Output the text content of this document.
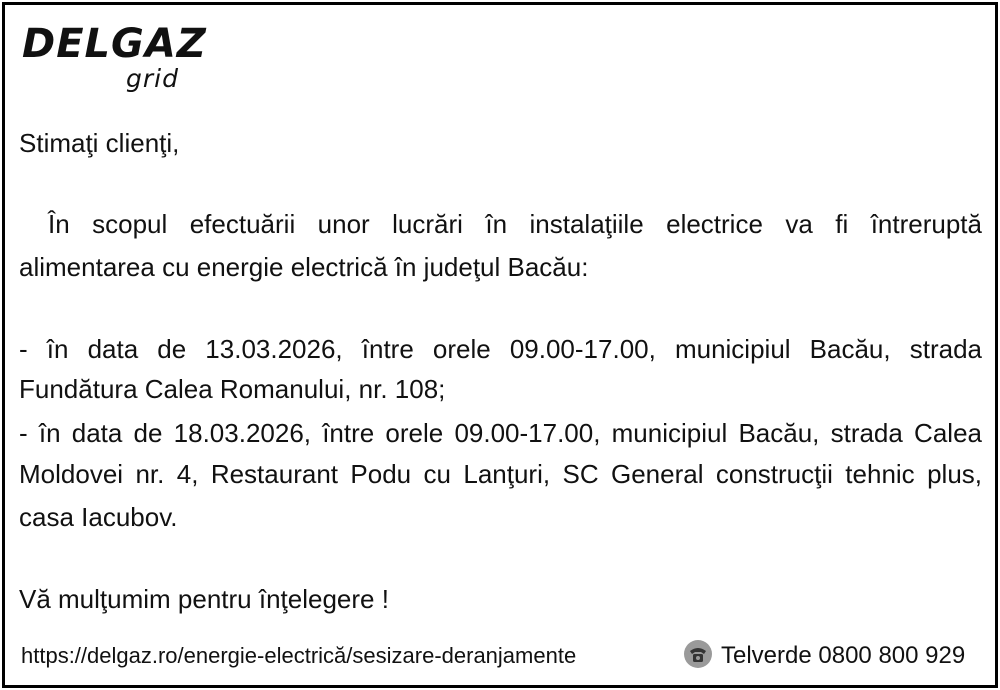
DELGAZ
grid
Stimaţi clienţi,
În scopul efectuării unor lucrări în instalaţiile electrice va fi întreruptă
alimentarea cu energie electrică în judeţul Bacău:
- în data de 13.03.2026, între orele 09.00-17.00, municipiul Bacău, strada
Fundătura Calea Romanului, nr. 108;
- în data de 18.03.2026, între orele 09.00-17.00, municipiul Bacău, strada Calea
Moldovei nr. 4, Restaurant Podu cu Lanţuri, SC General construcţii tehnic plus,
casa Iacubov.
Vă mulţumim pentru înţelegere !
https://delgaz.ro/energie-electrică/sesizare-deranjamente	Telverde 0800 800 929
